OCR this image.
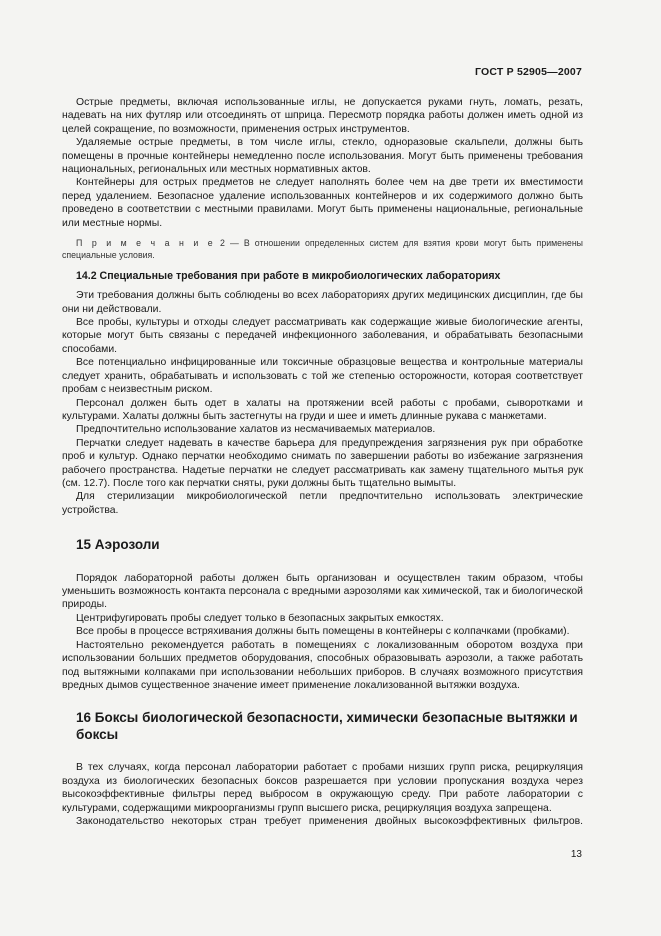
ГОСТ Р 52905—2007

Острые предметы, включая использованные иглы, не допускается руками гнуть, ломать, резать, надевать на них футляр или отсоединять от шприца. Пересмотр порядка работы должен иметь одной из целей сокращение, по возможности, применения острых инструментов.

Удаляемые острые предметы, в том числе иглы, стекло, одноразовые скальпели, должны быть помещены в прочные контейнеры немедленно после использования. Могут быть применены требования национальных, региональных или местных нормативных актов.

Контейнеры для острых предметов не следует наполнять более чем на две трети их вместимости перед удалением. Безопасное удаление использованных контейнеров и их содержимого должно быть проведено в соответствии с местными правилами. Могут быть применены национальные, региональные или местные нормы.

П р и м е ч а н и е 2 — В отношении определенных систем для взятия крови могут быть применены специальные условия.

14.2 Специальные требования при работе в микробиологических лабораториях

Эти требования должны быть соблюдены во всех лабораториях других медицинских дисциплин, где бы они ни действовали.

Все пробы, культуры и отходы следует рассматривать как содержащие живые биологические агенты, которые могут быть связаны с передачей инфекционного заболевания, и обрабатывать безопасными способами.

Все потенциально инфицированные или токсичные образцовые вещества и контрольные материалы следует хранить, обрабатывать и использовать с той же степенью осторожности, которая соответствует пробам с неизвестным риском.

Персонал должен быть одет в халаты на протяжении всей работы с пробами, сыворотками и культурами. Халаты должны быть застегнуты на груди и шее и иметь длинные рукава с манжетами.

Предпочтительно использование халатов из несмачиваемых материалов.

Перчатки следует надевать в качестве барьера для предупреждения загрязнения рук при обработке проб и культур. Однако перчатки необходимо снимать по завершении работы во избежание загрязнения рабочего пространства. Надетые перчатки не следует рассматривать как замену тщательного мытья рук (см. 12.7). После того как перчатки сняты, руки должны быть тщательно вымыты.

Для стерилизации микробиологической петли предпочтительно использовать электрические устройства.

15 Аэрозоли

Порядок лабораторной работы должен быть организован и осуществлен таким образом, чтобы уменьшить возможность контакта персонала с вредными аэрозолями как химической, так и биологической природы.

Центрифугировать пробы следует только в безопасных закрытых емкостях.

Все пробы в процессе встряхивания должны быть помещены в контейнеры с колпачками (пробками).

Настоятельно рекомендуется работать в помещениях с локализованным оборотом воздуха при использовании больших предметов оборудования, способных образовывать аэрозоли, а также работать под вытяжными колпаками при использовании небольших приборов. В случаях возможного присутствия вредных дымов существенное значение имеет применение локализованной вытяжки воздуха.

16 Боксы биологической безопасности, химически безопасные вытяжки и боксы

В тех случаях, когда персонал лаборатории работает с пробами низших групп риска, рециркуляция воздуха из биологических безопасных боксов разрешается при условии пропускания воздуха через высокоэффективные фильтры перед выбросом в окружающую среду. При работе лаборатории с культурами, содержащими микроорганизмы групп высшего риска, рециркуляция воздуха запрещена.

Законодательство некоторых стран требует применения двойных высокоэффективных фильтров.

13
